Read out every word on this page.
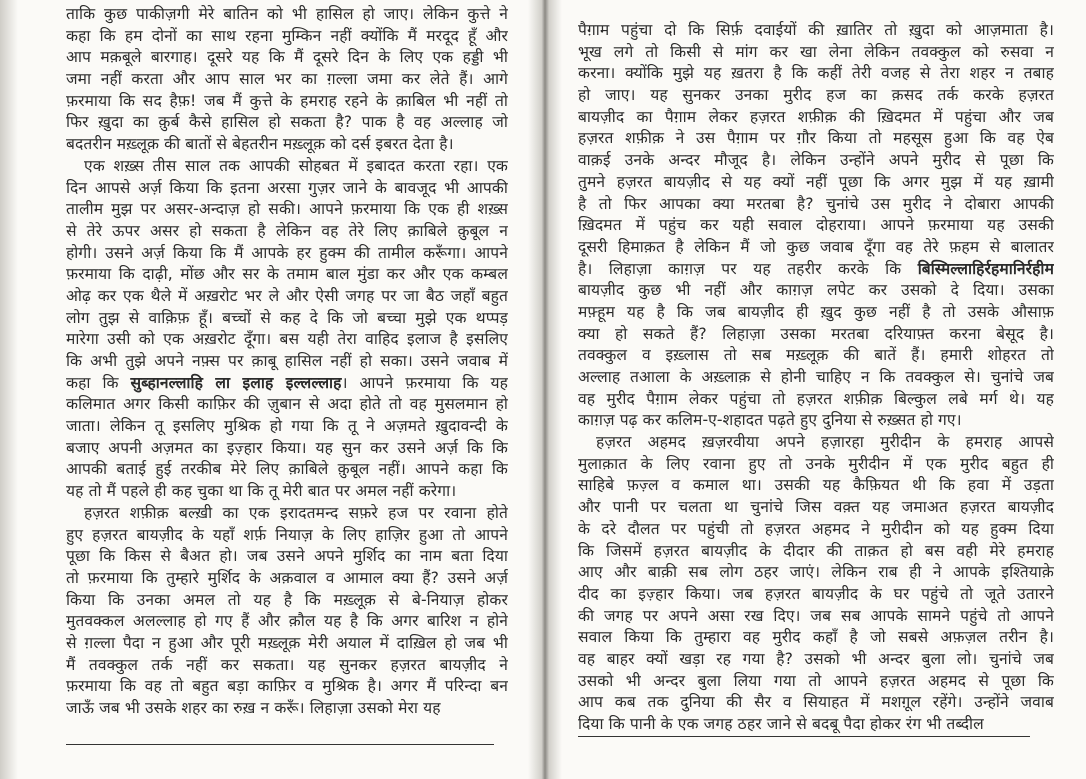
ताकि कुछ पाकीज़गी मेरे बातिन को भी हासिल हो जाए। लेकिन कुत्ते ने
कहा कि हम दोनों का साथ रहना मुम्किन नहीं क्योंकि मैं मरदूद हूँ और
आप मक़बूले बारगाह। दूसरे यह कि मैं दूसरे दिन के लिए एक हड्डी भी
जमा नहीं करता और आप साल भर का ग़ल्ला जमा कर लेते हैं। आगे
फ़रमाया कि सद हैफ़! जब मैं कुत्ते के हमराह रहने के क़ाबिल भी नहीं तो
फिर ख़ुदा का क़ुर्ब कैसे हासिल हो सकता है? पाक है वह अल्लाह जो
बदतरीन मख़्लूक़ की बातों से बेहतरीन मख़्लूक़ को दर्स इबरत देता है।
एक शख़्स तीस साल तक आपकी सोहबत में इबादत करता रहा। एक
दिन आपसे अर्ज़ किया कि इतना अरसा गुज़र जाने के बावजूद भी आपकी
तालीम मुझ पर असर-अन्दाज़ हो सकी। आपने फ़रमाया कि एक ही शख़्स
से तेरे ऊपर असर हो सकता है लेकिन वह तेरे लिए क़ाबिले क़ुबूल न
होगी। उसने अर्ज़ किया कि मैं आपके हर हुक्म की तामील करूँगा। आपने
फ़रमाया कि दाढ़ी, मोंछ और सर के तमाम बाल मुंडा कर और एक कम्बल
ओढ़ कर एक थैले में अख़रोट भर ले और ऐसी जगह पर जा बैठ जहाँ बहुत
लोग तुझ से वाक़िफ़ हूँ। बच्चों से कह दे कि जो बच्चा मुझे एक थप्पड़
मारेगा उसी को एक अख़रोट दूँगा। बस यही तेरा वाहिद इलाज है इसलिए
कि अभी तुझे अपने नफ़्स पर क़ाबू हासिल नहीं हो सका। उसने जवाब में
कहा कि सुब्हानल्लाहि ला इलाह इल्लल्लाह। आपने फ़रमाया कि यह
कलिमात अगर किसी काफ़िर की ज़ुबान से अदा होते तो वह मुसलमान हो
जाता। लेकिन तू इसलिए मुश्रिक हो गया कि तू ने अज़मते ख़ुदावन्दी के
बजाए अपनी अज़मत का इज़्हार किया। यह सुन कर उसने अर्ज़ कि कि
आपकी बताई हुई तरकीब मेरे लिए क़ाबिले क़ुबूल नहीं। आपने कहा कि
यह तो मैं पहले ही कह चुका था कि तू मेरी बात पर अमल नहीं करेगा।
हज़रत शफ़ीक़ बल्ख़ी का एक इरादतमन्द सफ़रे हज पर रवाना होते
हुए हज़रत बायज़ीद के यहाँ शर्फ़ नियाज़ के लिए हाज़िर हुआ तो आपने
पूछा कि किस से बैअत हो। जब उसने अपने मुर्शिद का नाम बता दिया
तो फ़रमाया कि तुम्हारे मुर्शिद के अक़वाल व आमाल क्या हैं? उसने अर्ज़
किया कि उनका अमल तो यह है कि मख़्लूक़ से बे-नियाज़ होकर
मुतवक्कल अलल्लाह हो गए हैं और क़ौल यह है कि अगर बारिश न होने
से ग़ल्ला पैदा न हुआ और पूरी मख़्लूक़ मेरी अयाल में दाख़िल हो जब भी
मैं तवक्कुल तर्क नहीं कर सकता। यह सुनकर हज़रत बायज़ीद ने
फ़रमाया कि वह तो बहुत बड़ा काफ़िर व मुश्रिक है। अगर मैं परिन्दा बन
जाऊँ जब भी उसके शहर का रुख़ न करूँ। लिहाज़ा उसको मेरा यह
पैग़ाम पहुंचा दो कि सिर्फ़ दवाईयों की ख़ातिर तो ख़ुदा को आज़माता है।
भूख लगे तो किसी से मांग कर खा लेना लेकिन तवक्कुल को रुसवा न
करना। क्योंकि मुझे यह ख़तरा है कि कहीं तेरी वजह से तेरा शहर न तबाह
हो जाए। यह सुनकर उनका मुरीद हज का क़सद तर्क करके हज़रत
बायज़ीद का पैग़ाम लेकर हज़रत शफ़ीक़ की ख़िदमत में पहुंचा और जब
हज़रत शफ़ीक़ ने उस पैग़ाम पर ग़ौर किया तो महसूस हुआ कि वह ऐब
वाक़ई उनके अन्दर मौजूद है। लेकिन उन्होंने अपने मुरीद से पूछा कि
तुमने हज़रत बायज़ीद से यह क्यों नहीं पूछा कि अगर मुझ में यह ख़ामी
है तो फिर आपका क्या मरतबा है? चुनांचे उस मुरीद ने दोबारा आपकी
ख़िदमत में पहुंच कर यही सवाल दोहराया। आपने फ़रमाया यह उसकी
दूसरी हिमाक़त है लेकिन मैं जो कुछ जवाब दूँगा वह तेरे फ़हम से बालातर
है। लिहाज़ा काग़ज़ पर यह तहरीर करके कि बिस्मिल्लाहिर्रहमानिर्रहीम
बायज़ीद कुछ भी नहीं और काग़ज़ लपेट कर उसको दे दिया। उसका
मफ़्हूम यह है कि जब बायज़ीद ही ख़ुद कुछ नहीं है तो उसके औसाफ़
क्या हो सकते हैं? लिहाज़ा उसका मरतबा दरियाफ़्त करना बेसूद है।
तवक्कुल व इख़्लास तो सब मख़्लूक़ की बातें हैं। हमारी शोहरत तो
अल्लाह तआला के अख़्लाक़ से होनी चाहिए न कि तवक्कुल से। चुनांचे जब
वह मुरीद पैग़ाम लेकर पहुंचा तो हज़रत शफ़ीक़ बिल्कुल लबे मर्ग थे। यह
काग़ज़ पढ़ कर कलिम-ए-शहादत पढ़ते हुए दुनिया से रुख़्सत हो गए।
हज़रत अहमद ख़ज़रवीया अपने हज़ारहा मुरीदीन के हमराह आपसे
मुलाक़ात के लिए रवाना हुए तो उनके मुरीदीन में एक मुरीद बहुत ही
साहिबे फ़ज़्ल व कमाल था। उसकी यह कैफ़ियत थी कि हवा में उड़ता
और पानी पर चलता था चुनांचे जिस वक़्त यह जमाअत हज़रत बायज़ीद
के दरे दौलत पर पहुंची तो हज़रत अहमद ने मुरीदीन को यह हुक्म दिया
कि जिसमें हज़रत बायज़ीद के दीदार की ताक़त हो बस वही मेरे हमराह
आए और बाक़ी सब लोग ठहर जाएं। लेकिन राब ही ने आपके इश्तियाक़े
दीद का इज़्हार किया। जब हज़रत बायज़ीद के घर पहुंचे तो जूते उतारने
की जगह पर अपने असा रख दिए। जब सब आपके सामने पहुंचे तो आपने
सवाल किया कि तुम्हारा वह मुरीद कहाँ है जो सबसे अफ़ज़ल तरीन है।
वह बाहर क्यों खड़ा रह गया है? उसको भी अन्दर बुला लो। चुनांचे जब
उसको भी अन्दर बुला लिया गया तो आपने हज़रत अहमद से पूछा कि
आप कब तक दुनिया की सैर व सियाहत में मशग़ूल रहेंगे। उन्होंने जवाब
दिया कि पानी के एक जगह ठहर जाने से बदबू पैदा होकर रंग भी तब्दील
